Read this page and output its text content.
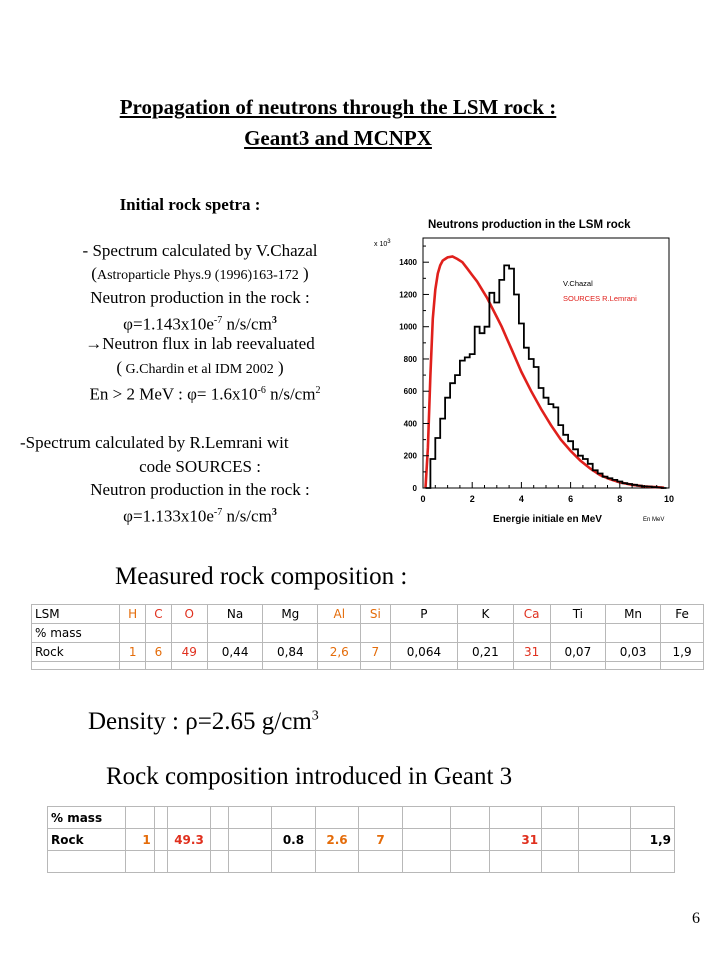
Propagation of neutrons through the LSM rock :
Geant3 and MCNPX
Initial rock spetra :
- Spectrum calculated by V.Chazal
(Astroparticle Phys.9 (1996)163-172 )
Neutron production in the rock :
$\varphi=1.143x10e^{-7}$ $n/s/cm^3$
→Neutron flux in lab reevaluated
( G.Chardin et al IDM 2002 )
En > 2 MeV : $\varphi= 1.6x10^{-6}$ $n/s/cm^2$
-Spectrum calculated by R.Lemrani wit
code SOURCES :
Neutron production in the rock :
$\varphi=1.133x10e^{-7}$ $n/s/cm^3$
Neutrons production in the LSM rock
x 103
0
200
400
600
800
1000
1200
1400
0	2	4	6	8	10
V.Chazal
SOURCES R.Lemrani
En MeV
Energie initiale en MeV
Measured rock composition :
LSM	H	C	O	Na	Mg	Al	Si	P	K	Ca	Ti	Mn	Fe
% mass													
Rock	1	6	49	0,44	0,84	2,6	7	0,064	0,21	31	0,07	0,03	1,9

Density : ρ=2.65 $g/cm^3$
Rock composition introduced in Geant 3
% mass														
Rock	1		49.3			0.8	2.6	7			31			1,9

6
